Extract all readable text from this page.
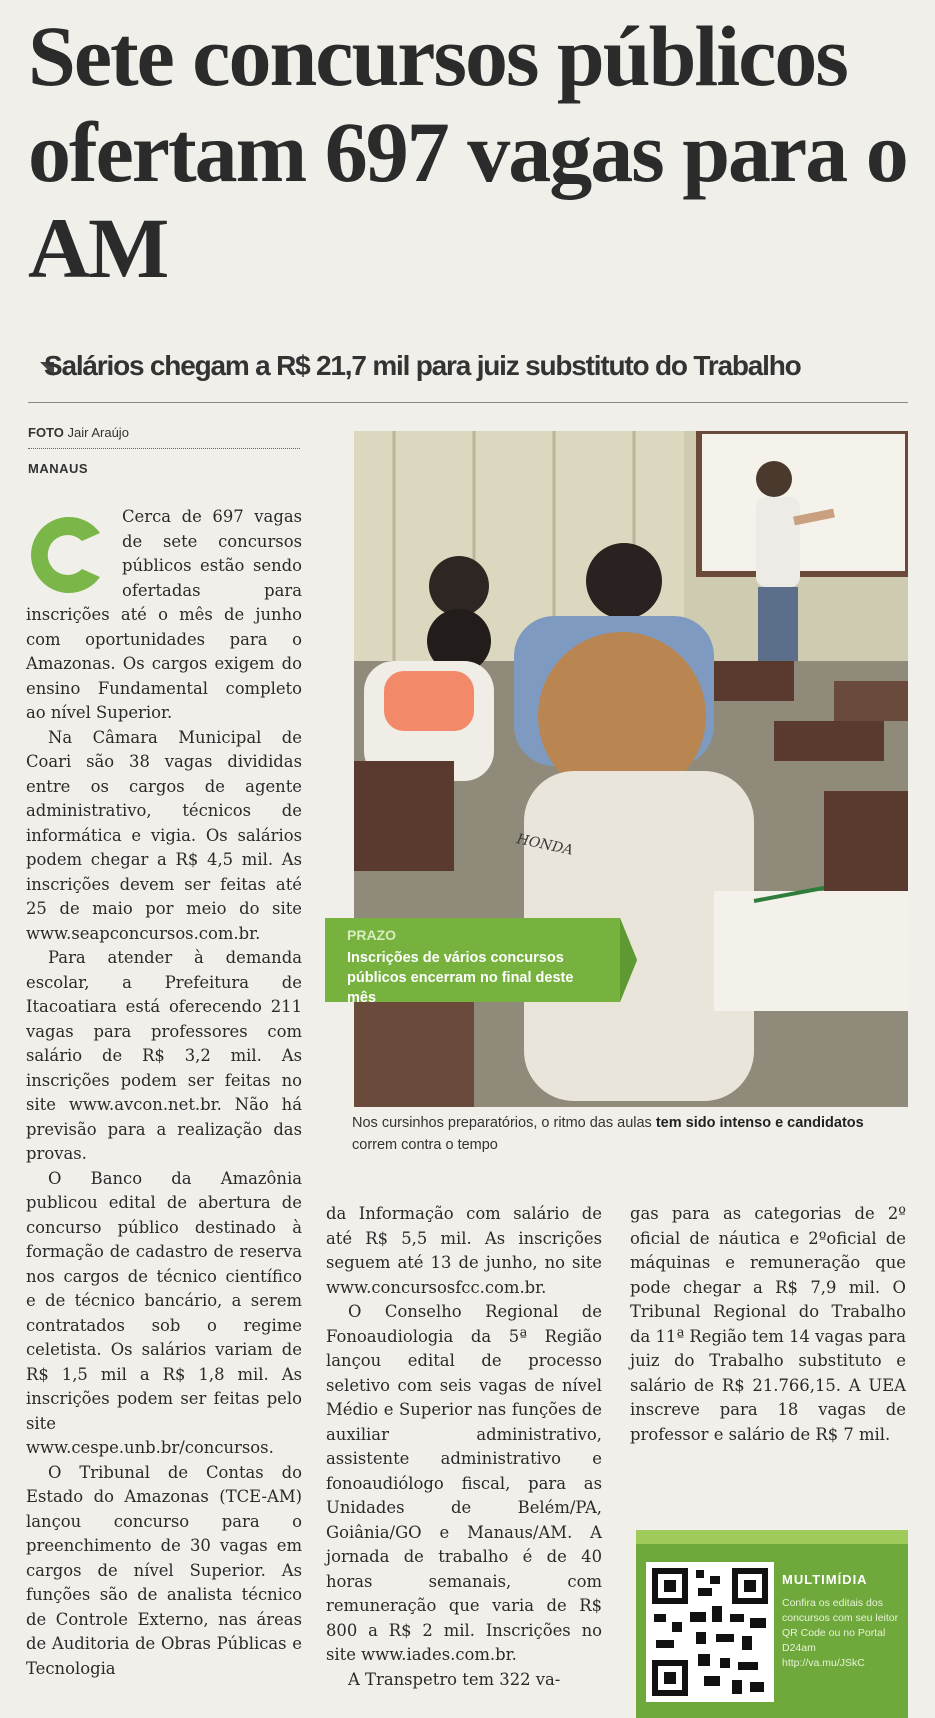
Sete concursos públicos ofertam 697 vagas para o AM
Salários chegam a R$ 21,7 mil para juiz substituto do Trabalho
FOTO Jair Araújo
MANAUS

Cerca de 697 vagas de sete concursos públicos estão sendo ofertadas para inscrições até o mês de junho com oportunidades para o Amazonas. Os cargos exigem do ensino Fundamental completo ao nível Superior.

Na Câmara Municipal de Coari são 38 vagas divididas entre os cargos de agente administrativo, técnicos de informática e vigia. Os salários podem chegar a R$ 4,5 mil. As inscrições devem ser feitas até 25 de maio por meio do site www.seapconcursos.com.br.

Para atender à demanda escolar, a Prefeitura de Itacoatiara está oferecendo 211 vagas para professores com salário de R$ 3,2 mil. As inscrições podem ser feitas no site www.avcon.net.br. Não há previsão para a realização das provas.

O Banco da Amazônia publicou edital de abertura de concurso público destinado à formação de cadastro de reserva nos cargos de técnico científico e de técnico bancário, a serem contratados sob o regime celetista. Os salários variam de R$ 1,5 mil a R$ 1,8 mil. As inscrições podem ser feitas pelo site www.cespe.unb.br/concursos.

O Tribunal de Contas do Estado do Amazonas (TCE-AM) lançou concurso para o preenchimento de 30 vagas em cargos de nível Superior. As funções são de analista técnico de Controle Externo, nas áreas de Auditoria de Obras Públicas e Tecnologia

HONDA
PRAZO
Inscrições de vários concursos públicos encerram no final deste mês
Nos cursinhos preparatórios, o ritmo das aulas tem sido intenso e candidatos correm contra o tempo

da Informação com salário de até R$ 5,5 mil. As inscrições seguem até 13 de junho, no site www.concursosfcc.com.br.

O Conselho Regional de Fonoaudiologia da 5ª Região lançou edital de processo seletivo com seis vagas de nível Médio e Superior nas funções de auxiliar administrativo, assistente administrativo e fonoaudiólogo fiscal, para as Unidades de Belém/PA, Goiânia/GO e Manaus/AM. A jornada de trabalho é de 40 horas semanais, com remuneração que varia de R$ 800 a R$ 2 mil. Inscrições no site www.iades.com.br.

A Transpetro tem 322 va-

gas para as categorias de 2º oficial de náutica e 2ºoficial de máquinas e remuneração que pode chegar a R$ 7,9 mil. O Tribunal Regional do Trabalho da 11ª Região tem 14 vagas para juiz do Trabalho substituto e salário de R$ 21.766,15. A UEA inscreve para 18 vagas de professor e salário de R$ 7 mil.

MULTIMÍDIA
Confira os editais dos concursos com seu leitor QR Code ou no Portal D24am http://va.mu/JSkC
